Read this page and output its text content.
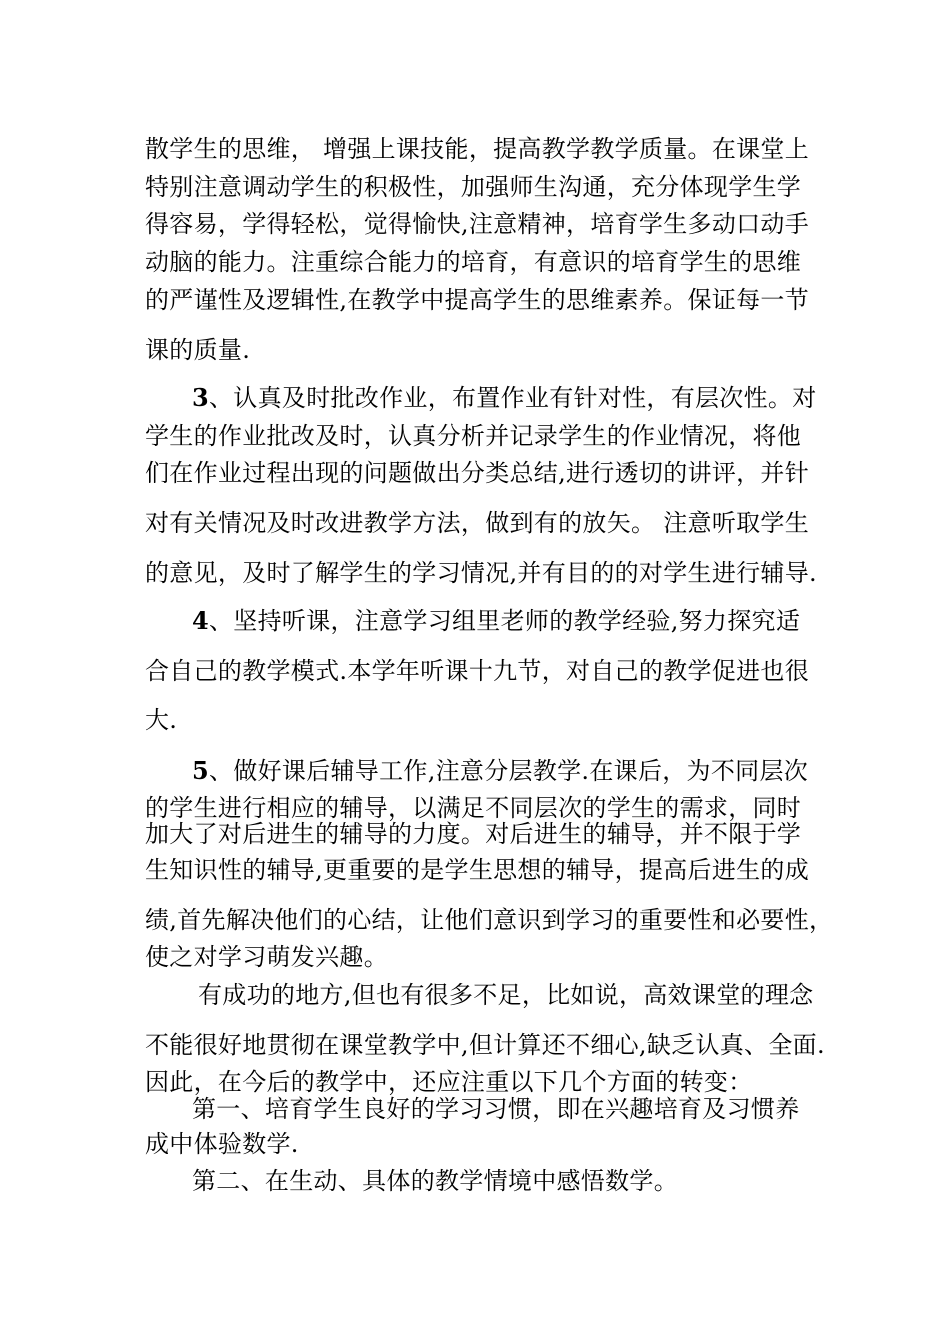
散学生的思维， 增强上课技能，提高教学教学质量。在课堂上
特别注意调动学生的积极性，加强师生沟通，充分体现学生学
得容易，学得轻松，觉得愉快,注意精神，培育学生多动口动手
动脑的能力。注重综合能力的培育，有意识的培育学生的思维
的严谨性及逻辑性,在教学中提高学生的思维素养。保证每一节
课的质量.
3、认真及时批改作业，布置作业有针对性，有层次性。对
学生的作业批改及时，认真分析并记录学生的作业情况，将他
们在作业过程出现的问题做出分类总结,进行透切的讲评，并针
对有关情况及时改进教学方法，做到有的放矢。 注意听取学生
的意见，及时了解学生的学习情况,并有目的的对学生进行辅导.
4、坚持听课，注意学习组里老师的教学经验,努力探究适
合自己的教学模式.本学年听课十九节，对自己的教学促进也很
大.
5、做好课后辅导工作,注意分层教学.在课后，为不同层次
的学生进行相应的辅导，以满足不同层次的学生的需求，同时
加大了对后进生的辅导的力度。对后进生的辅导，并不限于学
生知识性的辅导,更重要的是学生思想的辅导，提高后进生的成
绩,首先解决他们的心结，让他们意识到学习的重要性和必要性，
使之对学习萌发兴趣。
有成功的地方,但也有很多不足，比如说，高效课堂的理念
不能很好地贯彻在课堂教学中,但计算还不细心,缺乏认真、全面.
因此，在今后的教学中，还应注重以下几个方面的转变：
第一、培育学生良好的学习习惯，即在兴趣培育及习惯养
成中体验数学.
第二、在生动、具体的教学情境中感悟数学。
